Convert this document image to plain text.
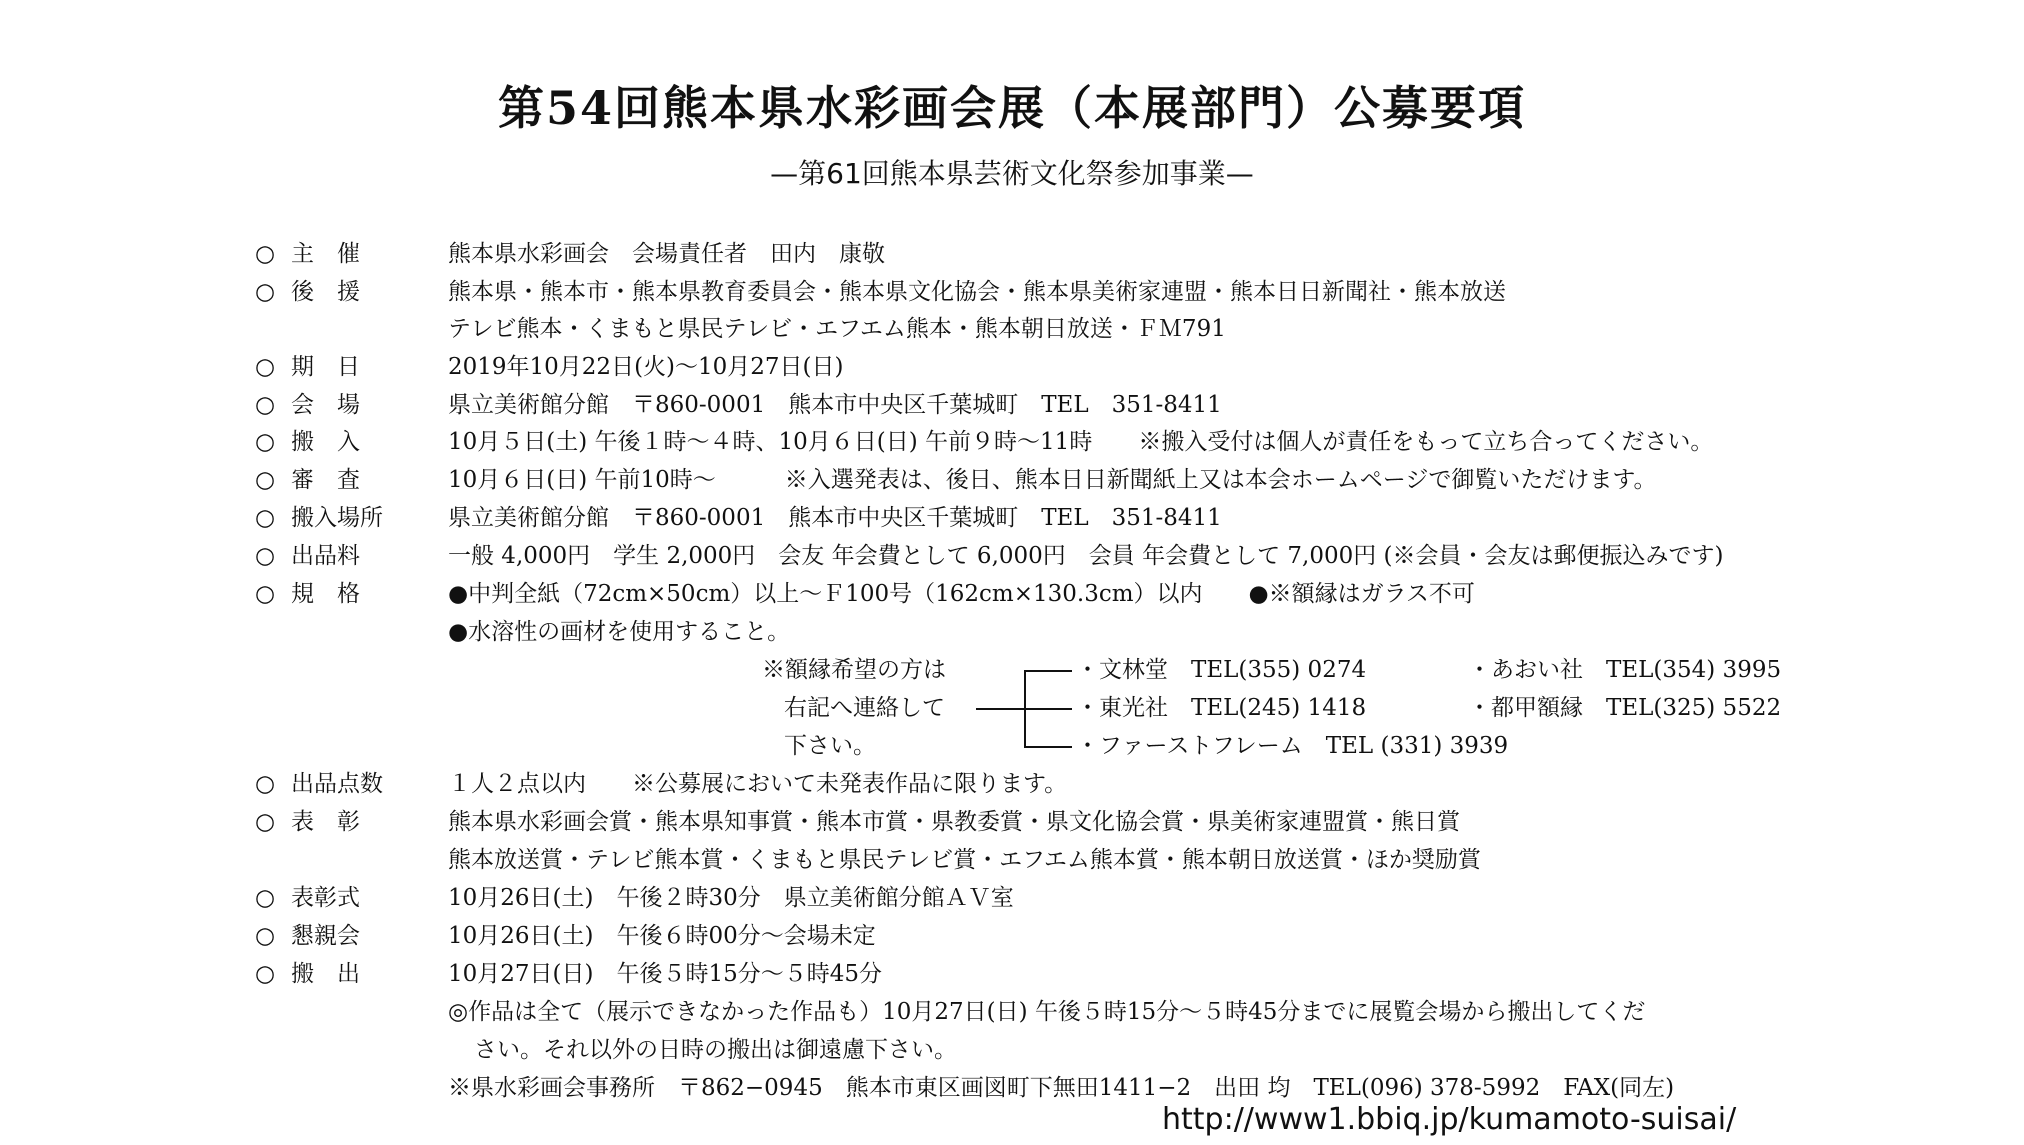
第54回熊本県水彩画会展（本展部門）公募要項
—第61回熊本県芸術文化祭参加事業—
○ 主　催	熊本県水彩画会　会場責任者　田内　康敬
○ 後　援	熊本県・熊本市・熊本県教育委員会・熊本県文化協会・熊本県美術家連盟・熊本日日新聞社・熊本放送
テレビ熊本・くまもと県民テレビ・エフエム熊本・熊本朝日放送・ＦＭ791
○ 期　日	2019年10月22日(火)〜10月27日(日)
○ 会　場	県立美術館分館　〒860-0001　熊本市中央区千葉城町　TEL　351-8411
○ 搬　入	10月５日(土) 午後１時〜４時、10月６日(日) 午前９時〜11時　　※搬入受付は個人が責任をもって立ち合ってください。
○ 審　査	10月６日(日) 午前10時〜　　　※入選発表は、後日、熊本日日新聞紙上又は本会ホームページで御覧いただけます。
○ 搬入場所	県立美術館分館　〒860-0001　熊本市中央区千葉城町　TEL　351-8411
○ 出品料	一般 4,000円　学生 2,000円　会友 年会費として 6,000円　会員 年会費として 7,000円 (※会員・会友は郵便振込みです)
○ 規　格	●中判全紙（72cm×50cm）以上〜Ｆ100号（162cm×130.3cm）以内　　●※額縁はガラス不可
●水溶性の画材を使用すること。
※額縁希望の方は
右記へ連絡して
下さい。
・文林堂　TEL(355) 0274
・東光社　TEL(245) 1418
・ファーストフレーム　TEL (331) 3939
・あおい社　TEL(354) 3995
・都甲額縁　TEL(325) 5522
○ 出品点数	１人２点以内　　※公募展において未発表作品に限ります。
○ 表　彰	熊本県水彩画会賞・熊本県知事賞・熊本市賞・県教委賞・県文化協会賞・県美術家連盟賞・熊日賞
熊本放送賞・テレビ熊本賞・くまもと県民テレビ賞・エフエム熊本賞・熊本朝日放送賞・ほか奨励賞
○ 表彰式	10月26日(土)　午後２時30分　県立美術館分館ＡＶ室
○ 懇親会	10月26日(土)　午後６時00分〜会場未定
○ 搬　出	10月27日(日)　午後５時15分〜５時45分
◎作品は全て（展示できなかった作品も）10月27日(日) 午後５時15分〜５時45分までに展覧会場から搬出してくだ
さい。それ以外の日時の搬出は御遠慮下さい。
※県水彩画会事務所　〒862−0945　熊本市東区画図町下無田1411−2　出田 均　TEL(096) 378-5992　FAX(同左)
http://www1.bbiq.jp/kumamoto-suisai/
